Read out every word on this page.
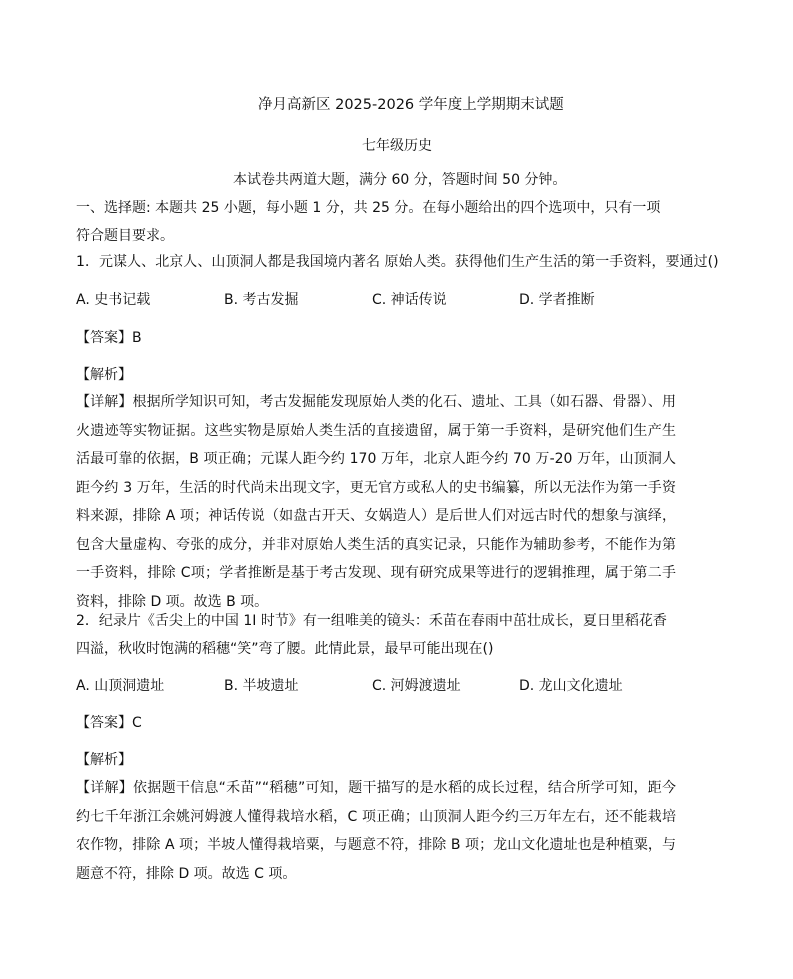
净月高新区 2025-2026 学年度上学期期末试题
七年级历史
本试卷共两道大题，满分 60 分，答题时间 50 分钟。
一、选择题: 本题共 25 小题，每小题 1 分，共 25 分。在每小题给出的四个选项中，只有一项
符合题目要求。
1．元谋人、北京人、山顶洞人都是我国境内著名 原始人类。获得他们生产生活的第一手资料，要通过()
A. 史书记载	B. 考古发掘	C. 神话传说	D. 学者推断
【答案】B
【解析】
【详解】根据所学知识可知，考古发掘能发现原始人类的化石、遗址、工具（如石器、骨器）、用火遗迹等实物证据。这些实物是原始人类生活的直接遗留，属于第一手资料，是研究他们生产生活最可靠的依据，B 项正确；元谋人距今约 170 万年，北京人距今约 70 万-20 万年，山顶洞人距今约 3 万年，生活的时代尚未出现文字，更无官方或私人的史书编纂，所以无法作为第一手资料来源，排除 A 项；神话传说（如盘古开天、女娲造人）是后世人们对远古时代的想象与演绎，包含大量虚构、夸张的成分，并非对原始人类生活的真实记录，只能作为辅助参考，不能作为第一手资料，排除 C项；学者推断是基于考古发现、现有研究成果等进行的逻辑推理，属于第二手资料，排除 D 项。故选 B 项。
2．纪录片《舌尖上的中国 1I 时节》有一组唯美的镜头：禾苗在春雨中茁壮成长，夏日里稻花香
四溢，秋收时饱满的稻穗“笑”弯了腰。此情此景，最早可能出现在()
A. 山顶洞遗址	B. 半坡遗址	C. 河姆渡遗址	D. 龙山文化遗址
【答案】C
【解析】
【详解】依据题干信息“禾苗”“稻穗”可知，题干描写的是水稻的成长过程，结合所学可知，距今约七千年浙江余姚河姆渡人懂得栽培水稻，C 项正确；山顶洞人距今约三万年左右，还不能栽培农作物，排除 A 项；半坡人懂得栽培粟，与题意不符，排除 B 项；龙山文化遗址也是种植粟，与题意不符，排除 D 项。故选 C 项。
